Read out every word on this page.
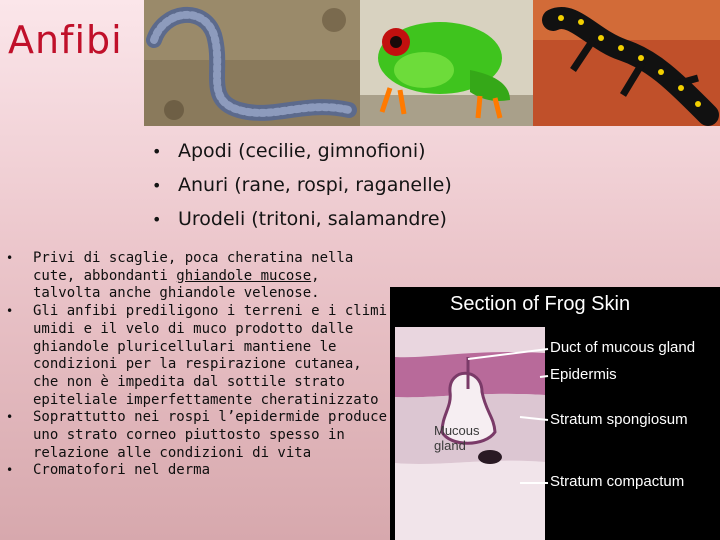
Anfibi
• Apodi (cecilie, gimnofioni)
• Anuri (rane, rospi, raganelle)
• Urodeli (tritoni, salamandre)
• Privi di scaglie, poca cheratina nella cute, abbondanti ghiandole mucose, talvolta anche ghiandole velenose.
• Gli anfibi prediligono i terreni e i climi umidi e il velo di muco prodotto dalle ghiandole pluricellulari mantiene le condizioni per la respirazione cutanea, che non è impedita dal sottile strato epiteliale imperfettamente cheratinizzato
• Soprattutto nei rospi l’epidermide produce uno strato corneo piuttosto spesso in relazione alle condizioni di vita
• Cromatofori nel derma
Section of Frog Skin
Duct of mucous gland
Epidermis
Stratum spongiosum
Stratum compactum
Mucous gland
